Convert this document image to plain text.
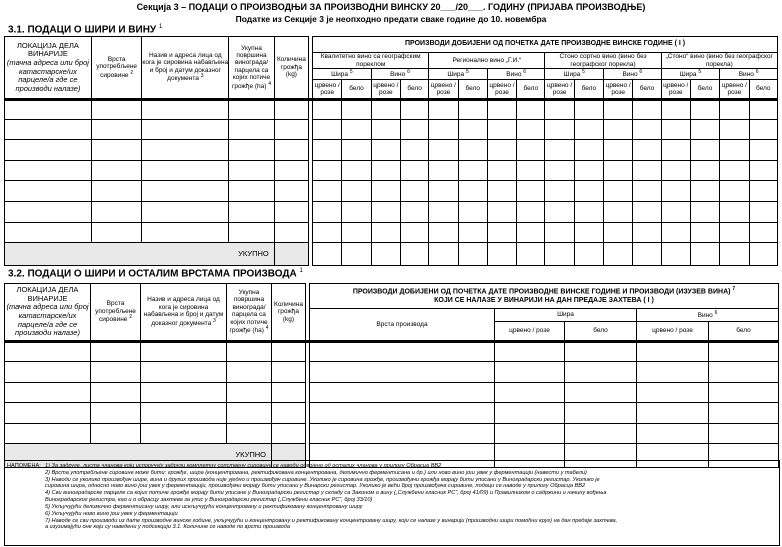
Секција 3 – ПОДАЦИ О ПРОИЗВОДЊИ ЗА ПРОИЗВОДНИ ВИНСКУ 20___/20___. ГОДИНУ (ПРИЈАВА ПРОИЗВОДЊЕ)
Податке из Секције 3 је неопходно предати сваке године до 10. новембра
3.1. ПОДАЦИ О ШИРИ И ВИНУ $^1$
ЛОКАЦИЈА ДЕЛА ВИНАРИЈЕ
(тачна адреса или број катастарске/их парцеле/а где се производи налазе)	Врста употребљене сировине $^2$	Назив и адреса лица од кога је сировина набављена и број и датум доказног документа $^3$	Укупна површина винограда/ парцела са којих потиче грожђе (ha) $^4$	Количина грожђа (kg)		ПРОИЗВОДИ ДОБИЈЕНИ ОД ПОЧЕТКА ДАТЕ ПРОИЗВОДНЕ ВИНСКЕ ГОДИНЕ ( I )															
						Квалитетно вино са географским пореклом				Регионално вино „Г.И.“				Стоно сортно вино (вино без географског порекла)				„Стоно“ вино (вино без географског порекла)			
						Шира $^5$		Вино $^6$		Шира $^5$		Вино $^6$		Шира $^5$		Вино $^6$		Шира $^5$		Вино $^6$
						црвено / розе	бело	црвено / розе	бело	црвено / розе	бело	црвено / розе	бело	црвено / розе	бело	црвено / розе	бело	црвено / розе	бело	црвено / розе	бело

УКУПНО																					
3.2. ПОДАЦИ О ШИРИ И ОСТАЛИМ ВРСТАМА ПРОИЗВОДА $^1$
ЛОКАЦИЈА ДЕЛА ВИНАРИЈЕ
(тачна адреса или број катастарске/их парцеле/а где се производи налазе)	Врста употребљене сировине $^2$	Назив и адреса лица од кога је сировина набављена и број и датум доказног документа $^3$	Укупна површина винограда/ парцела са којих потиче грожђе (ha) $^4$	Количина грожђа (kg)		ПРОИЗВОДИ ДОБИЈЕНИ ОД ПОЧЕТКА ДАТЕ ПРОИЗВОДНЕ ВИНСКЕ ГОДИНЕ И ПРОИЗВОДИ (ИЗУЗЕВ ВИНА) $^7$
КОЈИ СЕ НАЛАЗЕ У ВИНАРИЈИ НА ДАН ПРЕДАЈЕ ЗАХТЕВА ( I )				
						Врста производа	Шира		Вино $^6$
							црвено / розе	бело	црвено / розе	бело

УКУПНО										
НАПОМЕНА: 1) За задруге, листа чланова који испоручују задрузи комплетну сопствену сировину се наводи одвојено од осталих чланова у прилогу Обрасца ВВ2
2) Врста употребљене сировине може бити: грожђе, шира (концентрована, ректификована концентрована, делимично ферментисана и др.) или ново вино још увек у ферментацији (навести у табели)
3) Наводи се уколико произвођач шире, вина и других производа није уједно и произвођач сировине. Уколико је сировина грожђе, произвођачи грожђа морају бити уписани у Виноградарски регистар. Уколико је
сировина шира, односно ново вино још увек у ферментацији, произвођачи морају бити уписани у Винарски регистар. Уколико је већи број произвођача сировине, подаци се наводе у прилогу Обрасца ВВ2
4) Сви виноградарске парцеле са којих потиче грожђе морају бити уписане у Виноградарски регистар у складу са Законом о вину („Службени гласник РС“, број 41/09) и Правилником о садржини и начину вођења
Виноградарског регистра, као и о обрасцу захтева за упис у Виноградарски регистар („Службени гласник РС“, број 33/10)
5) Укључујући делимично ферментисану ширу, али искључујући концентровану и ректификовану концентровану ширу
6) Укључујући ново вино још увек у ферментацији
7) Наводе се сви производи из дате производне винске године, укључујући и концентровану и ректификовану концентровану ширу, који се налазе у винарији (производни шири помоћни круг) на дан предаје захтева,
а изузимајући оне који су наведени у подсекцији 3.1. Количине се наводе по врсти производа
